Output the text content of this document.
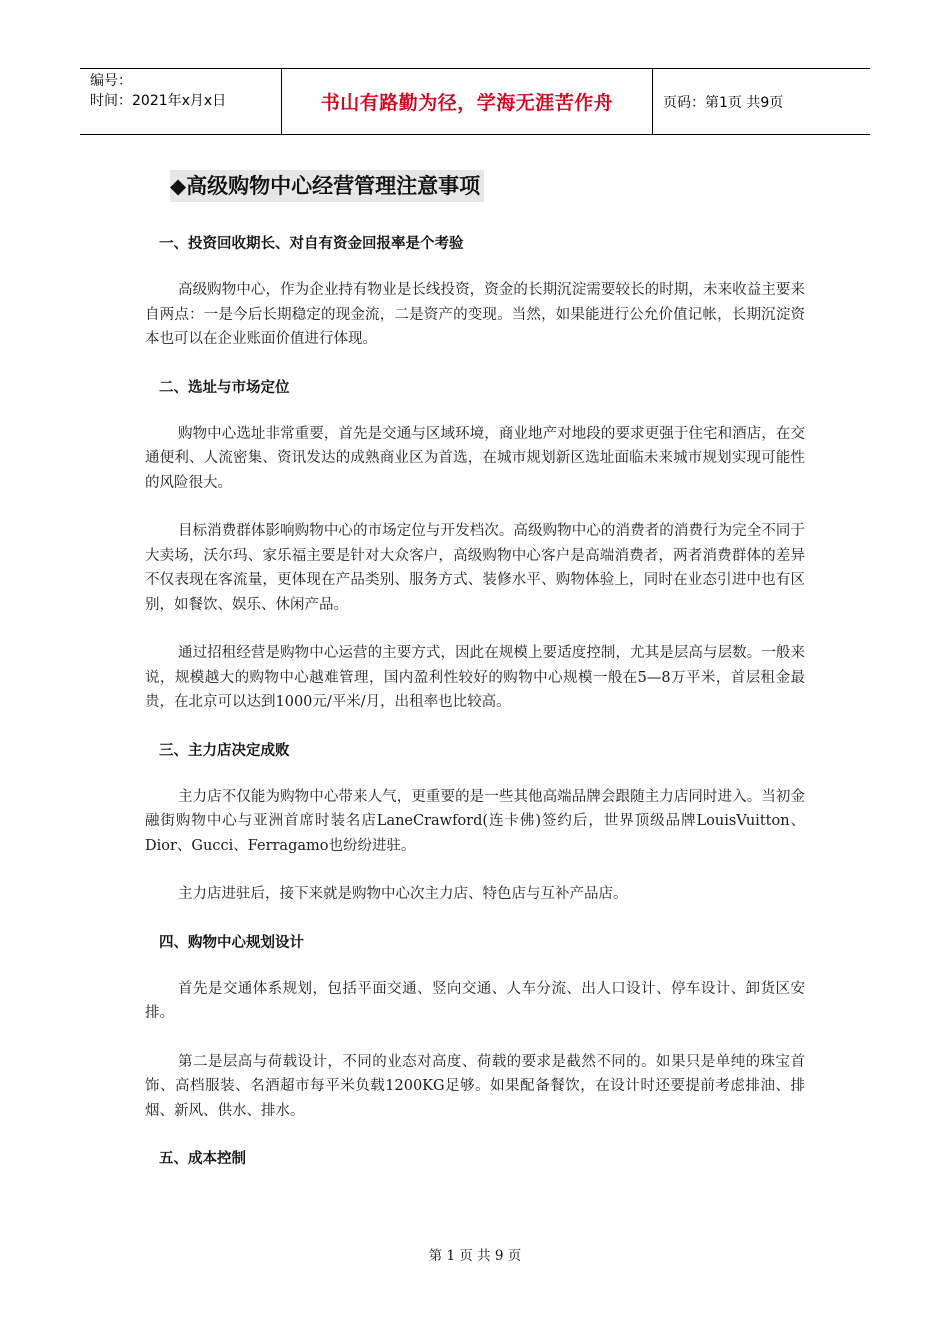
编号：
时间：2021年x月x日	书山有路勤为径，学海无涯苦作舟	页码：第1页 共9页
◆高级购物中心经营管理注意事项
一、投资回收期长、对自有资金回报率是个考验

高级购物中心，作为企业持有物业是长线投资，资金的长期沉淀需要较长的时期，未来收益主要来自两点：一是今后长期稳定的现金流，二是资产的变现。当然，如果能进行公允价值记帐，长期沉淀资本也可以在企业账面价值进行体现。

二、选址与市场定位

购物中心选址非常重要，首先是交通与区域环境，商业地产对地段的要求更强于住宅和酒店，在交通便利、人流密集、资讯发达的成熟商业区为首选，在城市规划新区选址面临未来城市规划实现可能性的风险很大。

目标消费群体影响购物中心的市场定位与开发档次。高级购物中心的消费者的消费行为完全不同于大卖场，沃尔玛、家乐福主要是针对大众客户，高级购物中心客户是高端消费者，两者消费群体的差异不仅表现在客流量，更体现在产品类别、服务方式、装修水平、购物体验上，同时在业态引进中也有区别，如餐饮、娱乐、休闲产品。

通过招租经营是购物中心运营的主要方式，因此在规模上要适度控制，尤其是层高与层数。一般来说，规模越大的购物中心越难管理，国内盈利性较好的购物中心规模一般在5—8万平米，首层租金最贵，在北京可以达到1000元/平米/月，出租率也比较高。

三、主力店决定成败

主力店不仅能为购物中心带来人气，更重要的是一些其他高端品牌会跟随主力店同时进入。当初金融街购物中心与亚洲首席时装名店LaneCrawford(连卡佛)签约后，世界顶级品牌LouisVuitton、Dior、Gucci、Ferragamo也纷纷进驻。

主力店进驻后，接下来就是购物中心次主力店、特色店与互补产品店。

四、购物中心规划设计

首先是交通体系规划，包括平面交通、竖向交通、人车分流、出人口设计、停车设计、卸货区安排。

第二是层高与荷载设计，不同的业态对高度、荷载的要求是截然不同的。如果只是单纯的珠宝首饰、高档服装、名酒超市每平米负载1200KG足够。如果配备餐饮，在设计时还要提前考虑排油、排烟、新风、供水、排水。

五、成本控制
第 1 页 共 9 页
